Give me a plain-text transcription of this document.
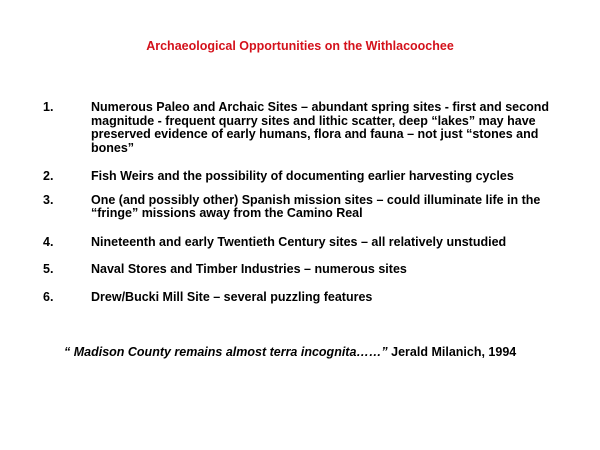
Archaeological Opportunities on the Withlacoochee
1.	Numerous Paleo and Archaic Sites – abundant spring sites - first and second magnitude - frequent quarry sites and lithic scatter, deep “lakes” may have preserved evidence of early humans, flora and fauna – not just “stones and bones”
2.	Fish Weirs and the possibility of documenting earlier harvesting cycles
3.	One (and possibly other) Spanish mission sites – could illuminate life in the “fringe” missions away from the Camino Real
4.	Nineteenth and early Twentieth Century sites – all relatively unstudied
5.	Naval Stores and Timber Industries – numerous sites
6.	Drew/Bucki Mill Site – several puzzling features
“ Madison County remains almost terra incognita……” Jerald Milanich, 1994
